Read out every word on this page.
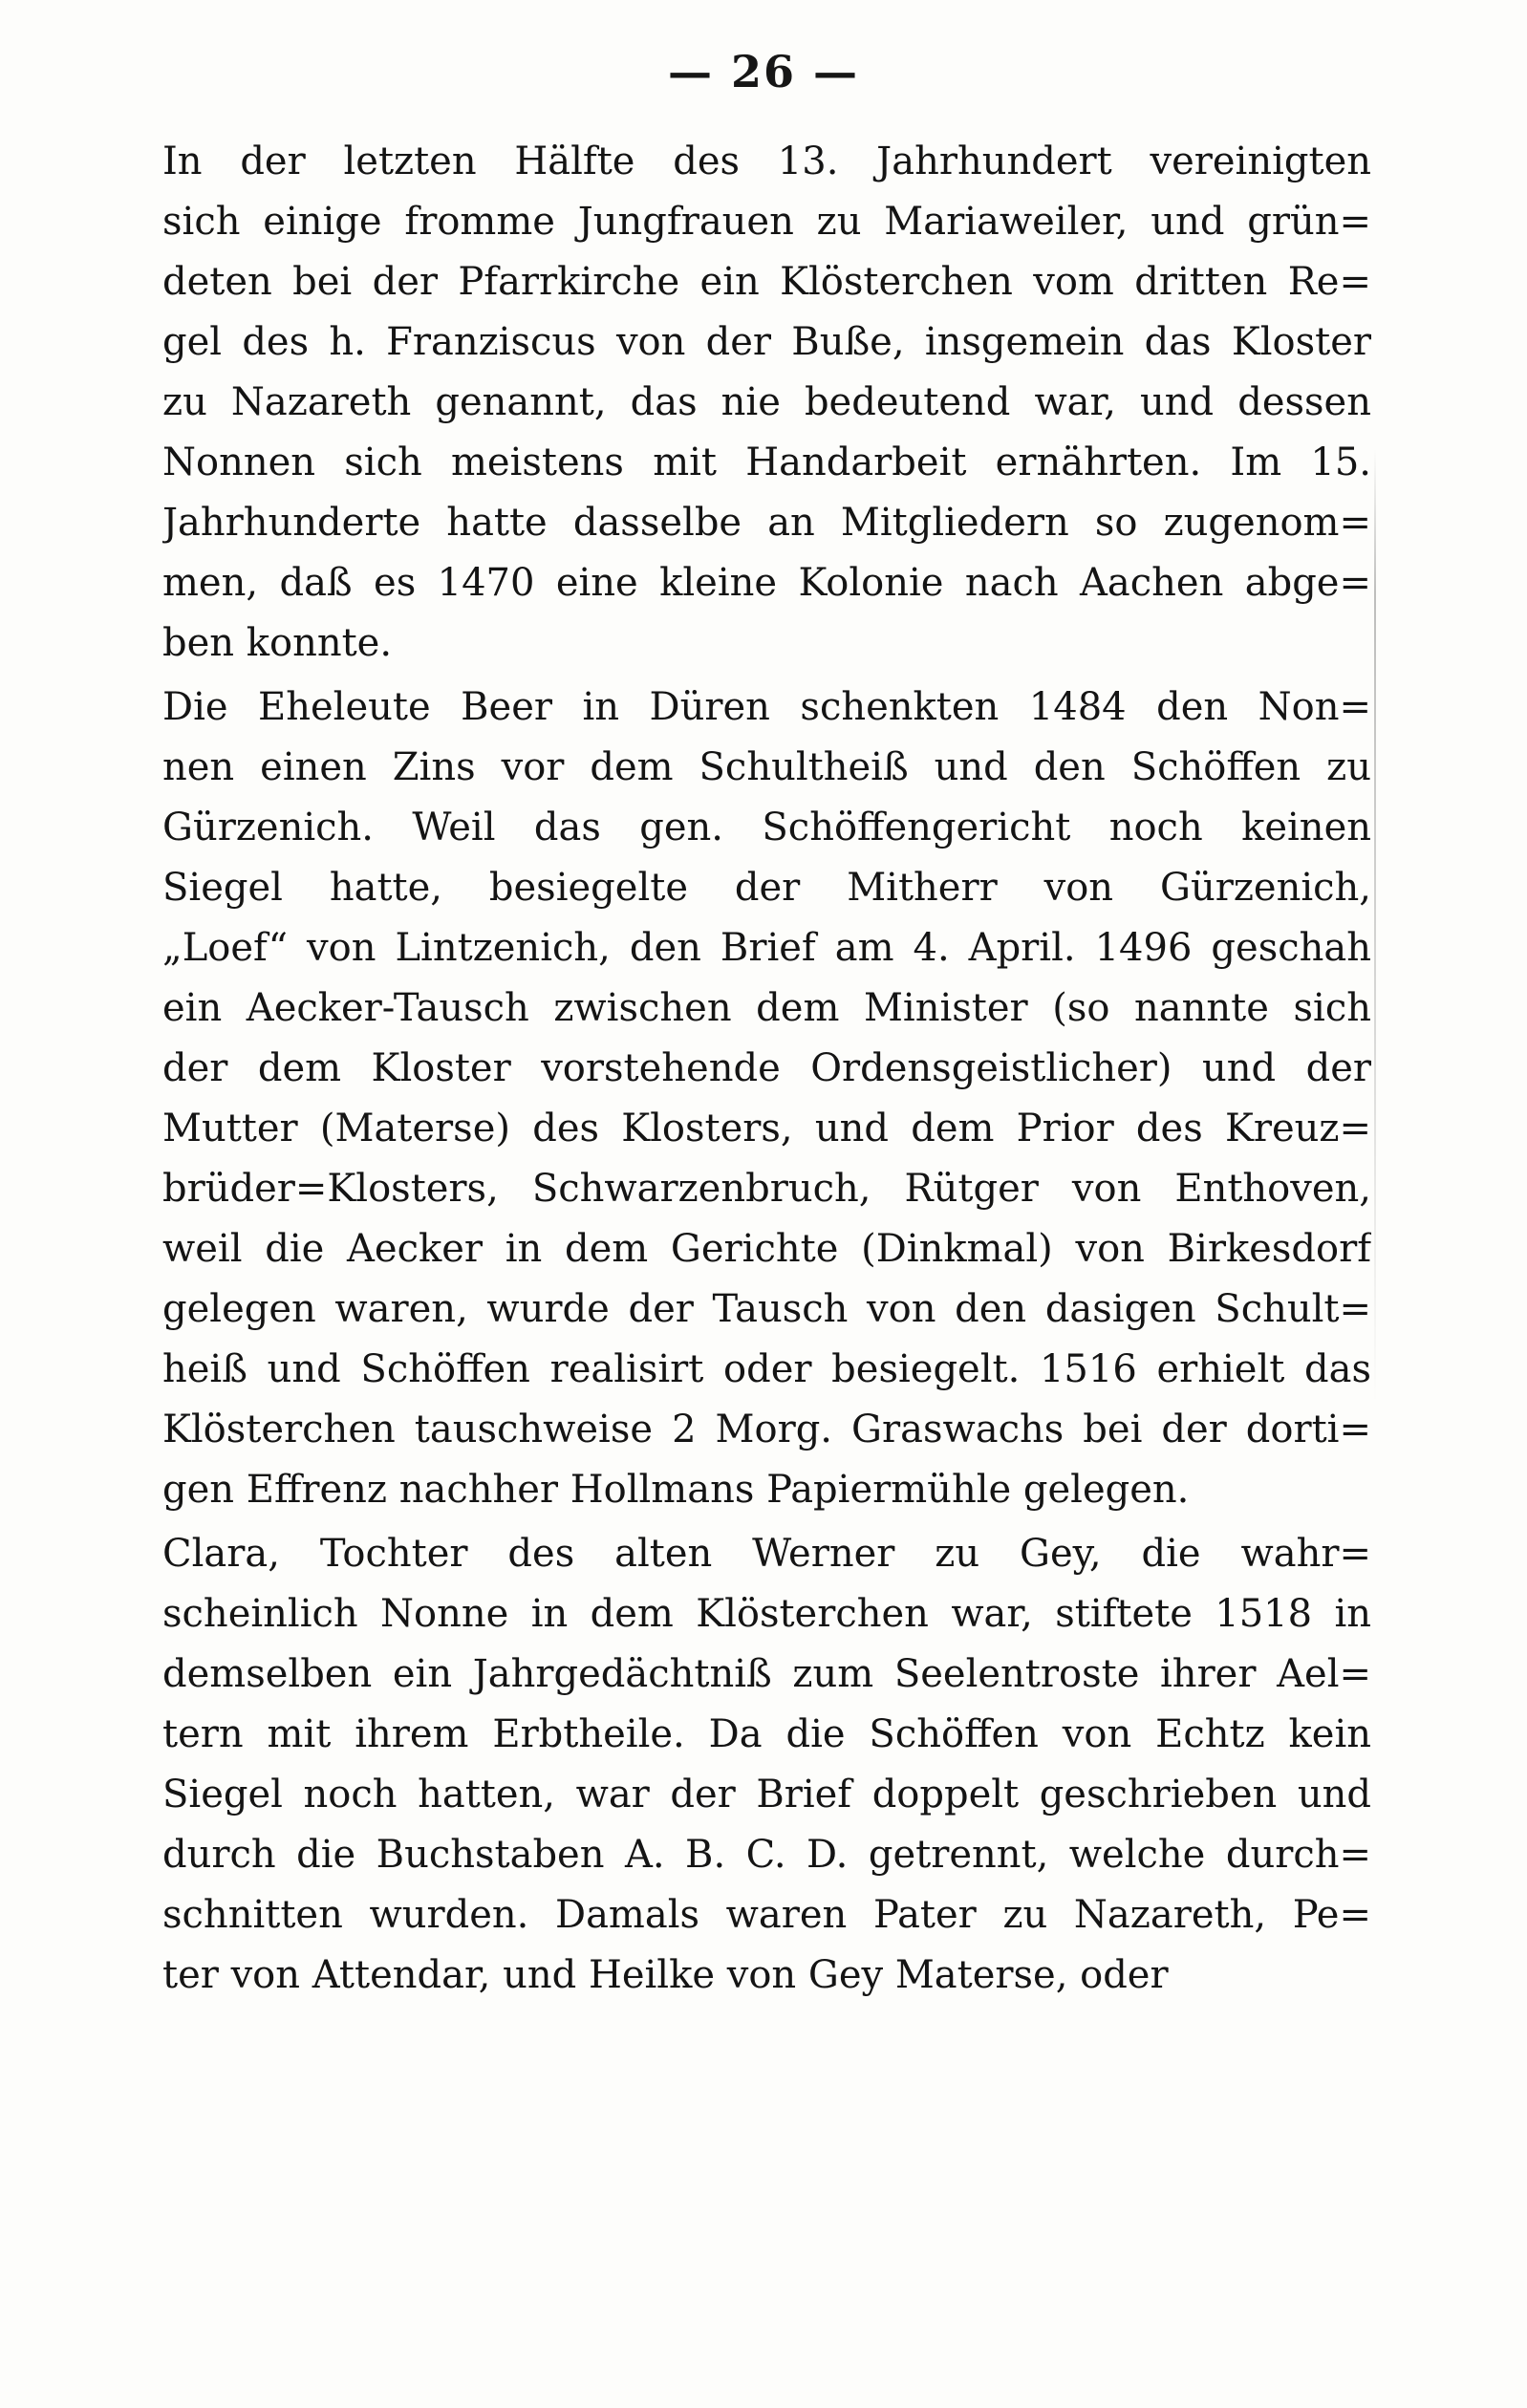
— 26 —
In der letzten Hälfte des 13. Jahrhundert vereinigten
sich einige fromme Jungfrauen zu Mariaweiler, und grün=
deten bei der Pfarrkirche ein Klösterchen vom dritten Re=
gel des h. Franziscus von der Buße, insgemein das Kloster
zu Nazareth genannt, das nie bedeutend war, und dessen
Nonnen sich meistens mit Handarbeit ernährten. Im 15.
Jahrhunderte hatte dasselbe an Mitgliedern so zugenom=
men, daß es 1470 eine kleine Kolonie nach Aachen abge=
ben konnte.
Die Eheleute Beer in Düren schenkten 1484 den Non=
nen einen Zins vor dem Schultheiß und den Schöffen zu
Gürzenich. Weil das gen. Schöffengericht noch keinen
Siegel hatte, besiegelte der Mitherr von Gürzenich,
„Loef“ von Lintzenich, den Brief am 4. April. 1496 geschah
ein Aecker-Tausch zwischen dem Minister (so nannte sich
der dem Kloster vorstehende Ordensgeistlicher) und der
Mutter (Materse) des Klosters, und dem Prior des Kreuz=
brüder=Klosters, Schwarzenbruch, Rütger von Enthoven,
weil die Aecker in dem Gerichte (Dinkmal) von Birkesdorf
gelegen waren, wurde der Tausch von den dasigen Schult=
heiß und Schöffen realisirt oder besiegelt. 1516 erhielt das
Klösterchen tauschweise 2 Morg. Graswachs bei der dorti=
gen Effrenz nachher Hollmans Papiermühle gelegen.
Clara, Tochter des alten Werner zu Gey, die wahr=
scheinlich Nonne in dem Klösterchen war, stiftete 1518 in
demselben ein Jahrgedächtniß zum Seelentroste ihrer Ael=
tern mit ihrem Erbtheile. Da die Schöffen von Echtz kein
Siegel noch hatten, war der Brief doppelt geschrieben und
durch die Buchstaben A. B. C. D. getrennt, welche durch=
schnitten wurden. Damals waren Pater zu Nazareth, Pe=
ter von Attendar, und Heilke von Gey Materse, oder
